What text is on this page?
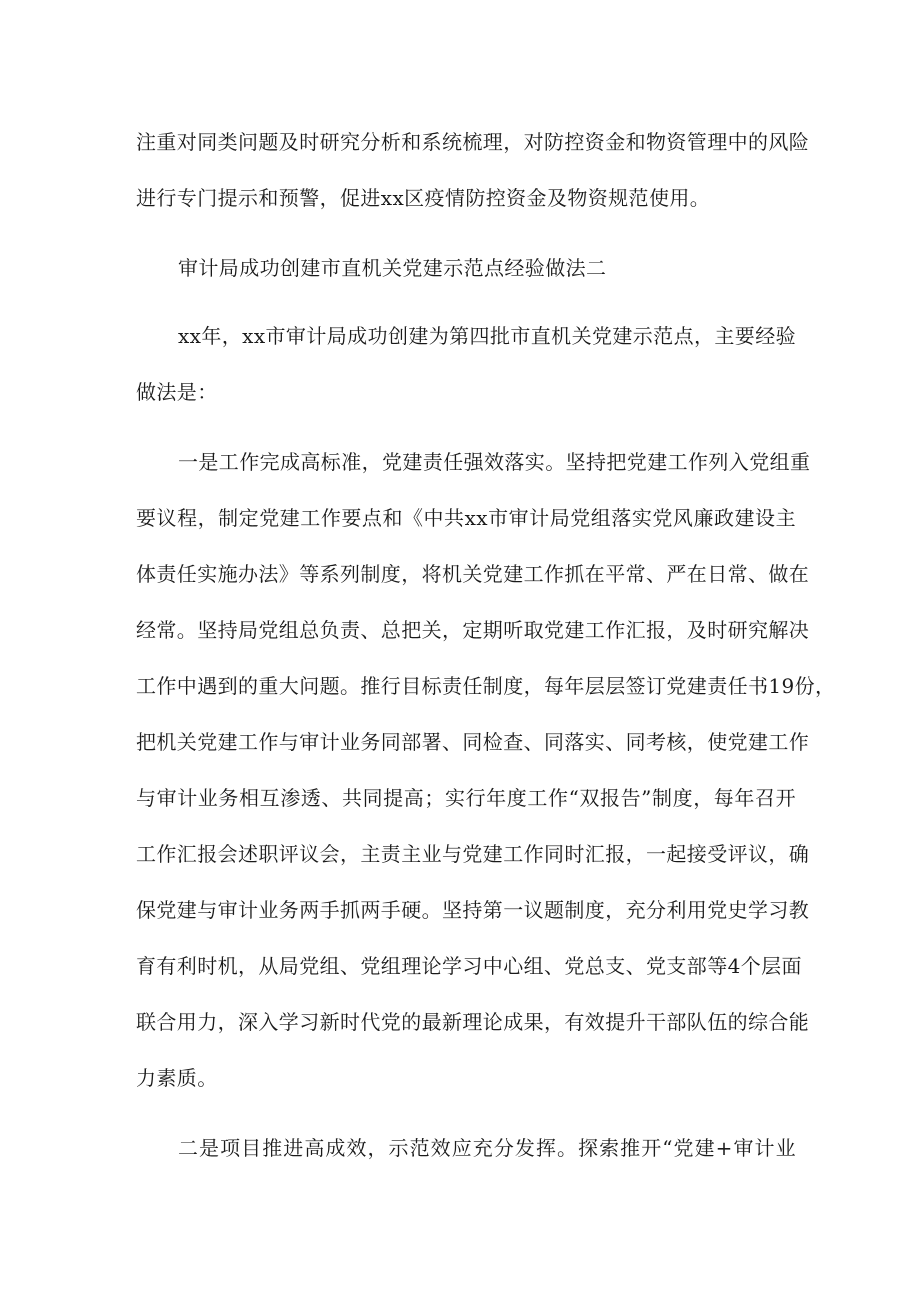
注重对同类问题及时研究分析和系统梳理，对防控资金和物资管理中的风险
进行专门提示和预警，促进xx区疫情防控资金及物资规范使用。
审计局成功创建市直机关党建示范点经验做法二
xx年，xx市审计局成功创建为第四批市直机关党建示范点，主要经验
做法是：
一是工作完成高标准，党建责任强效落实。坚持把党建工作列入党组重
要议程，制定党建工作要点和《中共xx市审计局党组落实党风廉政建设主
体责任实施办法》等系列制度，将机关党建工作抓在平常、严在日常、做在
经常。坚持局党组总负责、总把关，定期听取党建工作汇报，及时研究解决
工作中遇到的重大问题。推行目标责任制度，每年层层签订党建责任书19份，
把机关党建工作与审计业务同部署、同检查、同落实、同考核，使党建工作
与审计业务相互渗透、共同提高；实行年度工作“双报告”制度，每年召开
工作汇报会述职评议会，主责主业与党建工作同时汇报，一起接受评议，确
保党建与审计业务两手抓两手硬。坚持第一议题制度，充分利用党史学习教
育有利时机，从局党组、党组理论学习中心组、党总支、党支部等4个层面
联合用力，深入学习新时代党的最新理论成果，有效提升干部队伍的综合能
力素质。
二是项目推进高成效，示范效应充分发挥。探索推开“党建+审计业
